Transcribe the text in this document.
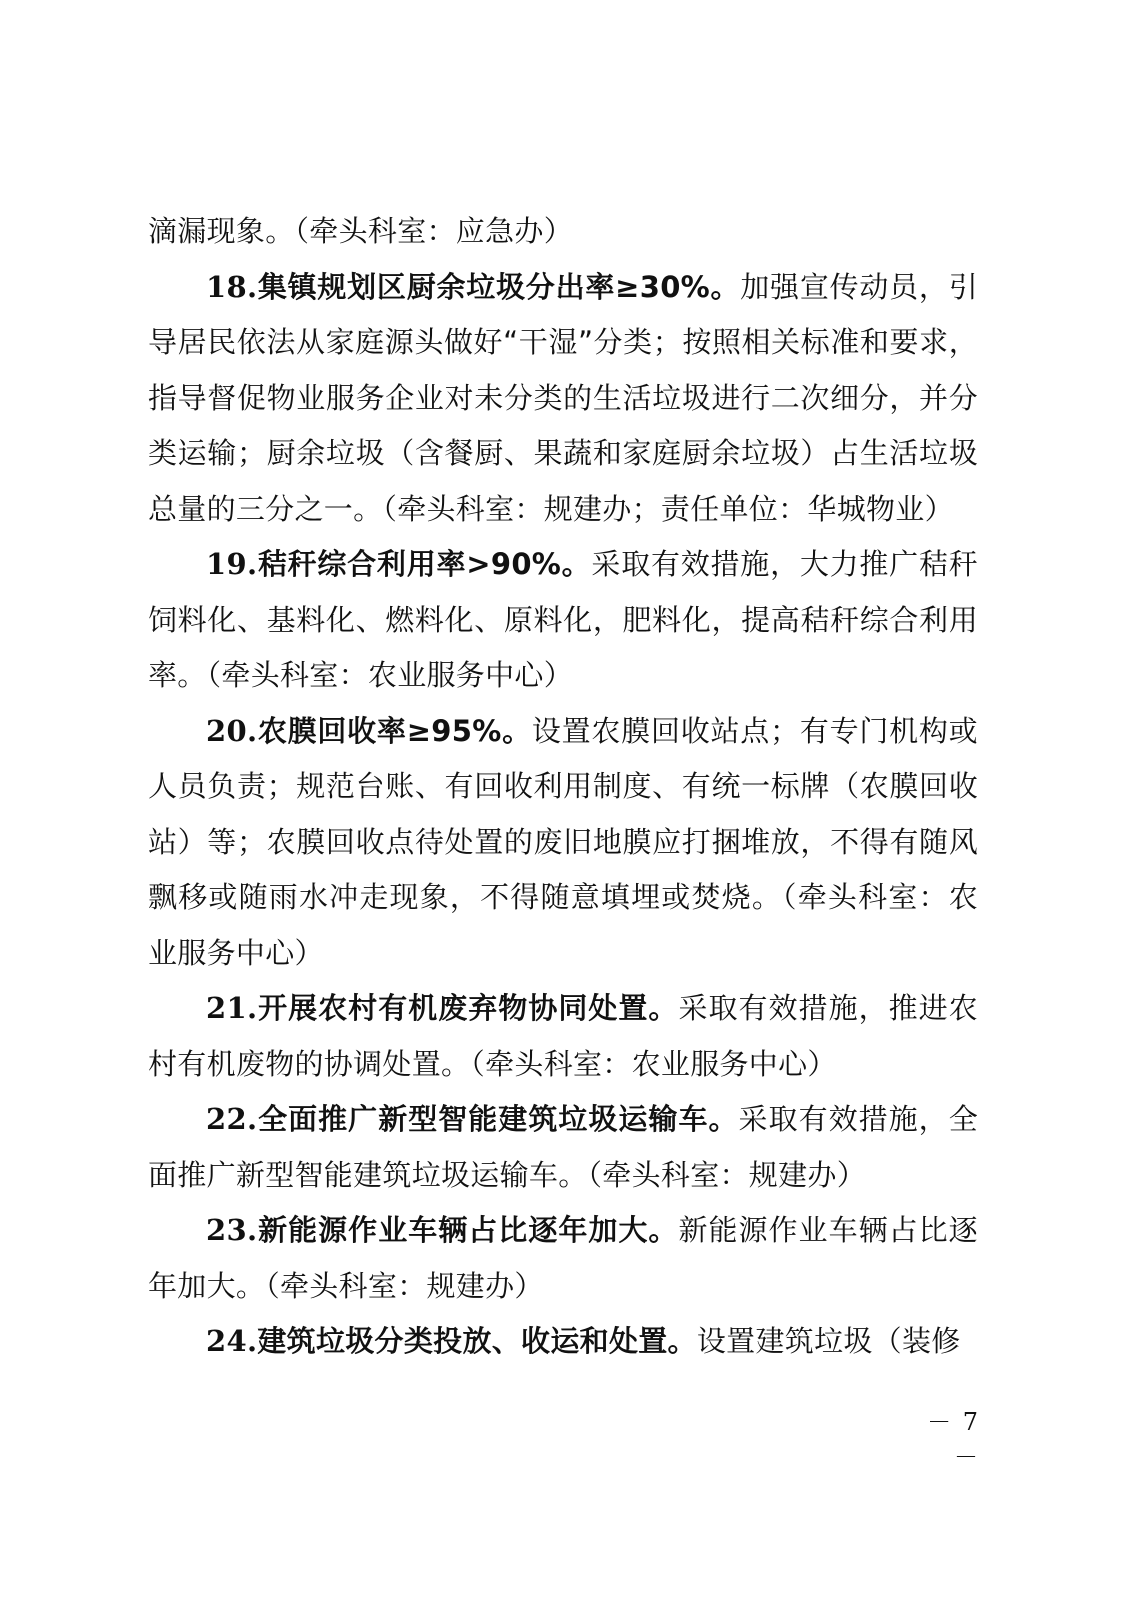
滴漏现象。（牵头科室：应急办）

18.集镇规划区厨余垃圾分出率≥30%。加强宣传动员，引导居民依法从家庭源头做好“干湿”分类；按照相关标准和要求，指导督促物业服务企业对未分类的生活垃圾进行二次细分，并分类运输；厨余垃圾（含餐厨、果蔬和家庭厨余垃圾）占生活垃圾总量的三分之一。（牵头科室：规建办；责任单位：华城物业）

19.秸秆综合利用率>90%。采取有效措施，大力推广秸秆饲料化、基料化、燃料化、原料化，肥料化，提高秸秆综合利用率。（牵头科室：农业服务中心）

20.农膜回收率≥95%。设置农膜回收站点；有专门机构或人员负责；规范台账、有回收利用制度、有统一标牌（农膜回收站）等；农膜回收点待处置的废旧地膜应打捆堆放，不得有随风飘移或随雨水冲走现象，不得随意填埋或焚烧。（牵头科室：农业服务中心）

21.开展农村有机废弃物协同处置。采取有效措施，推进农村有机废物的协调处置。（牵头科室：农业服务中心）

22.全面推广新型智能建筑垃圾运输车。采取有效措施，全面推广新型智能建筑垃圾运输车。（牵头科室：规建办）

23.新能源作业车辆占比逐年加大。新能源作业车辆占比逐年加大。（牵头科室：规建办）

24.建筑垃圾分类投放、收运和处置。设置建筑垃圾（装修

－ 7 －
